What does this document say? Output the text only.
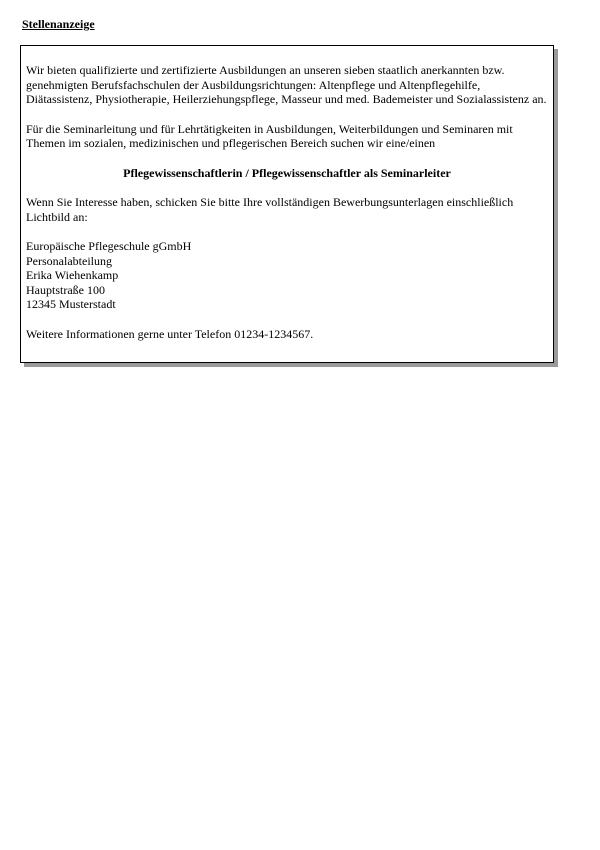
Stellenanzeige

Wir bieten qualifizierte und zertifizierte Ausbildungen an unseren sieben staatlich anerkannten bzw. genehmigten Berufsfachschulen der Ausbildungsrichtungen: Altenpflege und Altenpflegehilfe, Diätassistenz, Physiotherapie, Heilerziehungspflege, Masseur und med. Bademeister und Sozialassistenz an.

Für die Seminarleitung und für Lehrtätigkeiten in Ausbildungen, Weiterbildungen und Seminaren mit Themen im sozialen, medizinischen und pflegerischen Bereich suchen wir eine/einen

Pflegewissenschaftlerin / Pflegewissenschaftler als Seminarleiter

Wenn Sie Interesse haben, schicken Sie bitte Ihre vollständigen Bewerbungsunterlagen einschließlich Lichtbild an:

Europäische Pflegeschule gGmbH
Personalabteilung
Erika Wiehenkamp
Hauptstraße 100
12345 Musterstadt

Weitere Informationen gerne unter Telefon 01234-1234567.
